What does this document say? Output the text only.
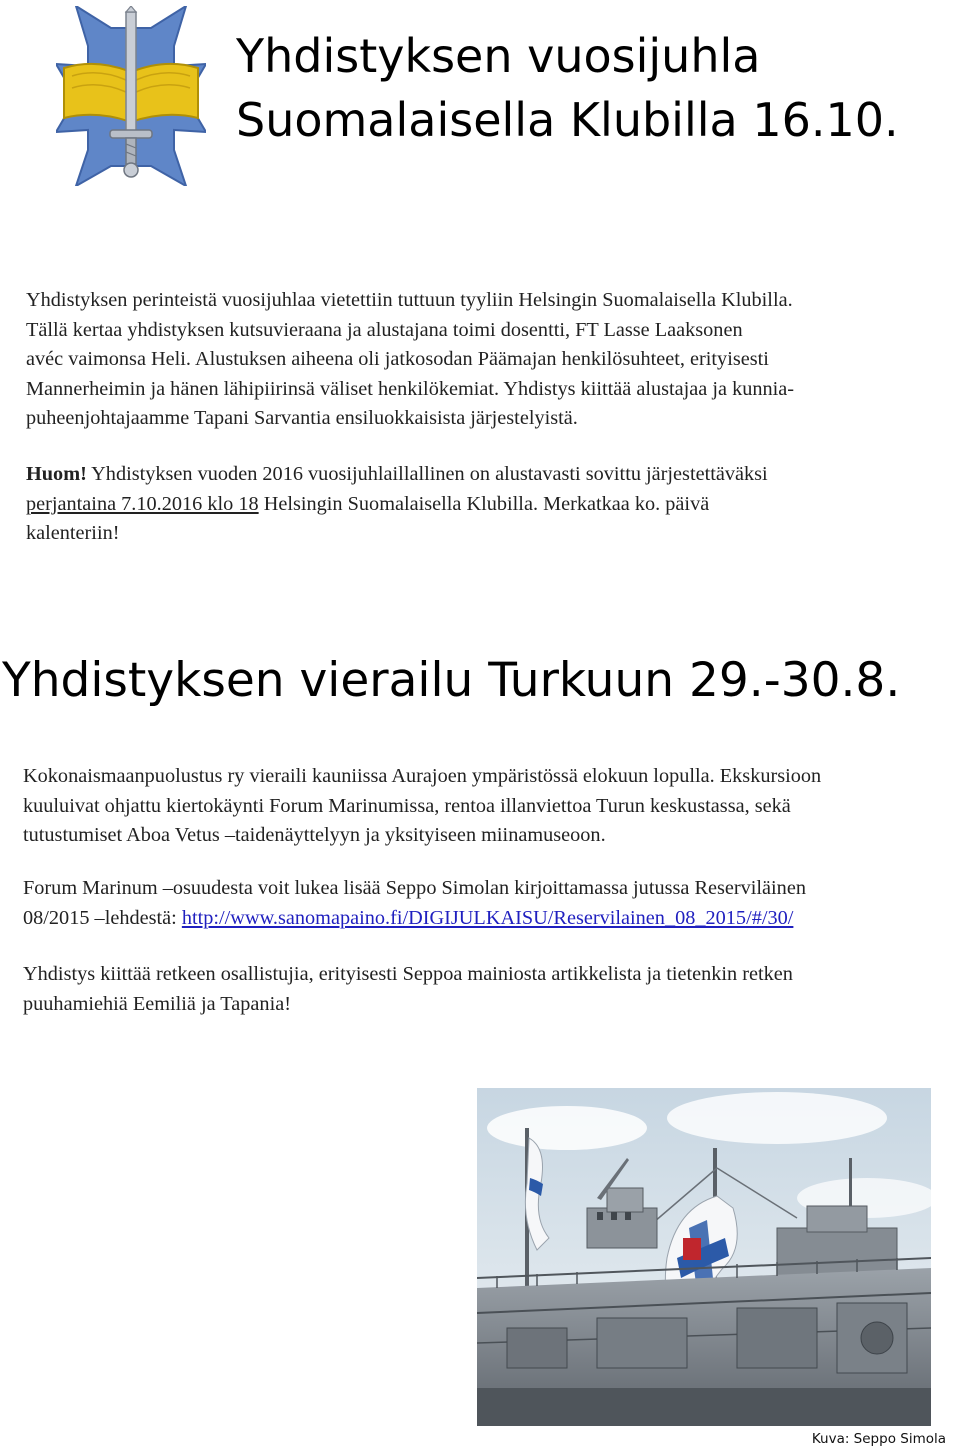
Yhdistyksen vuosijuhla
Suomalaisella Klubilla 16.10.

Yhdistyksen perinteistä vuosijuhlaa vietettiin tuttuun tyyliin Helsingin Suomalaisella Klubilla.
Tällä kertaa yhdistyksen kutsuvieraana ja alustajana toimi dosentti, FT Lasse Laaksonen
avéc vaimonsa Heli. Alustuksen aiheena oli jatkosodan Päämajan henkilösuhteet, erityisesti
Mannerheimin ja hänen lähipiirinsä väliset henkilökemiat. Yhdistys kiittää alustajaa ja kunnia-
puheenjohtajaamme Tapani Sarvantia ensiluokkaisista järjestelyistä.

Huom! Yhdistyksen vuoden 2016 vuosijuhlaillallinen on alustavasti sovittu järjestettäväksi
perjantaina 7.10.2016 klo 18 Helsingin Suomalaisella Klubilla. Merkatkaa ko. päivä
kalenteriin!

Yhdistyksen vierailu Turkuun 29.-30.8.

Kokonaismaanpuolustus ry vieraili kauniissa Aurajoen ympäristössä elokuun lopulla. Ekskursioon
kuuluivat ohjattu kiertokäynti Forum Marinumissa, rentoa illanviettoa Turun keskustassa, sekä
tutustumiset Aboa Vetus –taidenäyttelyyn ja yksityiseen miinamuseoon.

Forum Marinum –osuudesta voit lukea lisää Seppo Simolan kirjoittamassa jutussa Reserviläinen
08/2015 –lehdestä: http://www.sanomapaino.fi/DIGIJULKAISU/Reservilainen_08_2015/#/30/

Yhdistys kiittää retkeen osallistujia, erityisesti Seppoa mainiosta artikkelista ja tietenkin retken
puuhamiehiä Eemiliä ja Tapania!

Kuva: Seppo Simola
